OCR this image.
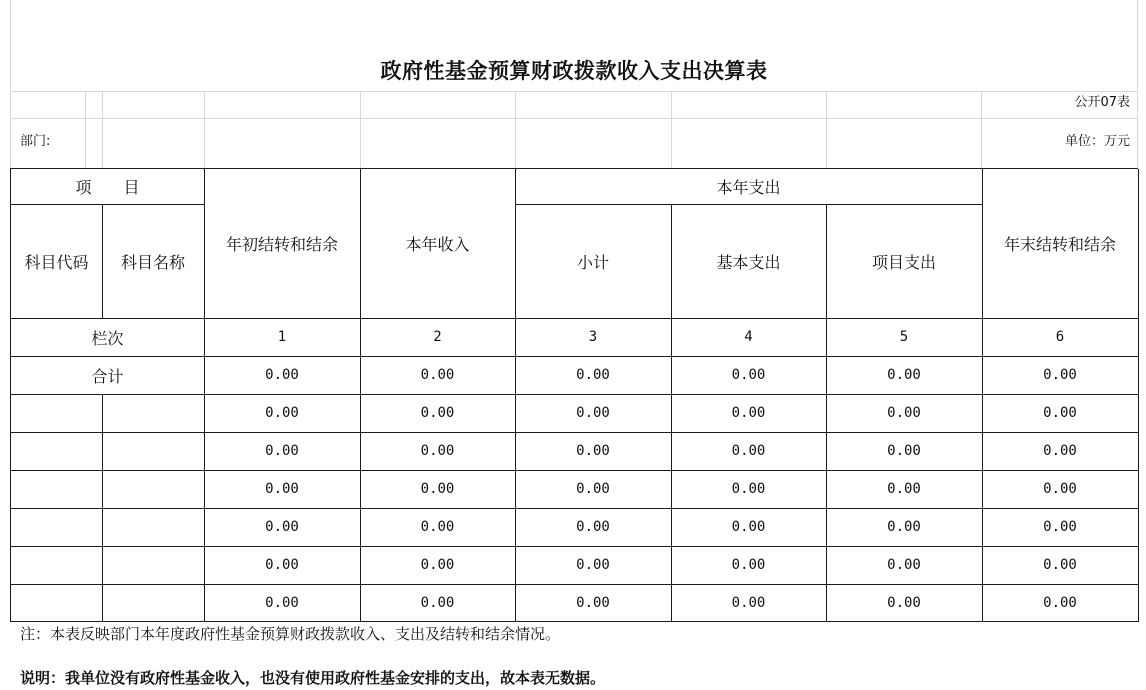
政府性基金预算财政拨款收入支出决算表
公开07表
部门:	单位：万元
项　　目
科目代码	科目名称
年初结转和结余	本年收入
本年支出
小计	基本支出	项目支出
年末结转和结余
栏次	1	2	3	4	5	6
合计	0.00	0.00	0.00	0.00	0.00	0.00
0.00	0.00	0.00	0.00	0.00	0.00
0.00	0.00	0.00	0.00	0.00	0.00
0.00	0.00	0.00	0.00	0.00	0.00
0.00	0.00	0.00	0.00	0.00	0.00
0.00	0.00	0.00	0.00	0.00	0.00
0.00	0.00	0.00	0.00	0.00	0.00
注：本表反映部门本年度政府性基金预算财政拨款收入、支出及结转和结余情况。
说明：我单位没有政府性基金收入，也没有使用政府性基金安排的支出，故本表无数据。
